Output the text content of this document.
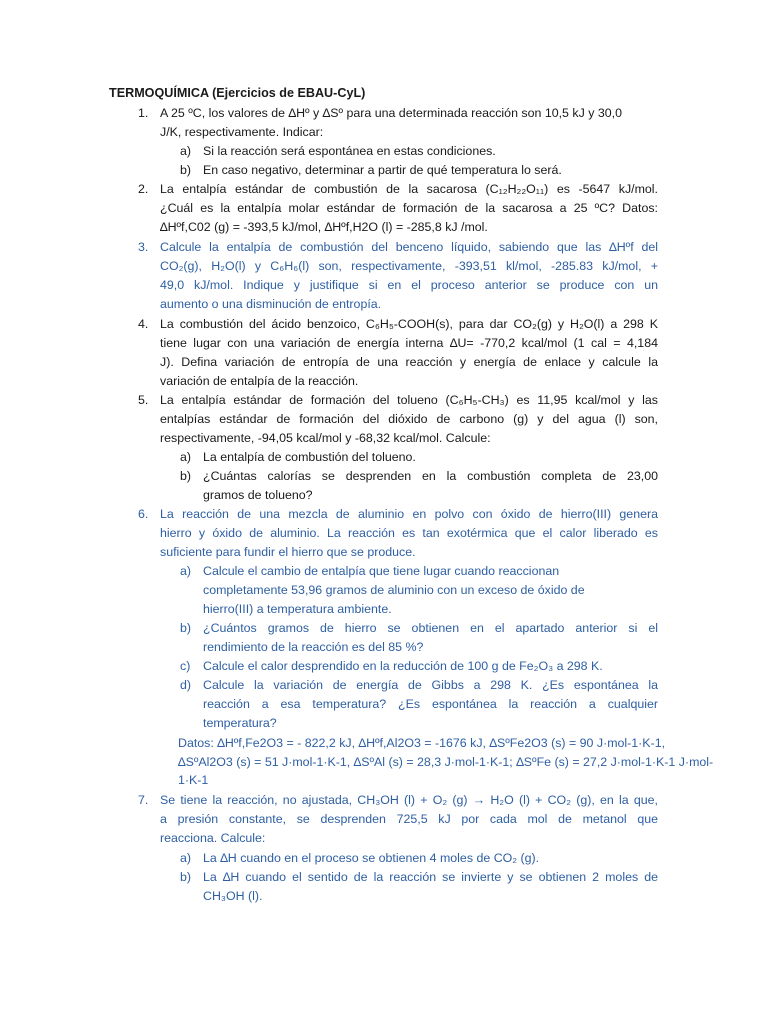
TERMOQUÍMICA (Ejercicios de EBAU-CyL)
1. A 25 ºC, los valores de ∆Hº y ∆Sº para una determinada reacción son 10,5 kJ y 30,0
J/K, respectivamente. Indicar:
a) Si la reacción será espontánea en estas condiciones.
b) En caso negativo, determinar a partir de qué temperatura lo será.
2. La entalpía estándar de combustión de la sacarosa (C₁₂H₂₂O₁₁) es -5647 kJ/mol.
¿Cuál es la entalpía molar estándar de formación de la sacarosa a 25 ºC? Datos:
∆Hºf,C02 (g) = -393,5 kJ/mol, ∆Hºf,H2O (l) = -285,8 kJ /mol.
3. Calcule la entalpía de combustión del benceno líquido, sabiendo que las ∆Hºf del
CO₂(g), H₂O(l) y C₆H₆(l) son, respectivamente, -393,51 kl/mol, -285.83 kJ/mol, +
49,0 kJ/mol. Indique y justifique si en el proceso anterior se produce con un
aumento o una disminución de entropía.
4. La combustión del ácido benzoico, C₆H₅-COOH(s), para dar CO₂(g) y H₂O(l) a 298 K
tiene lugar con una variación de energía interna ∆U= -770,2 kcal/mol (1 cal = 4,184
J). Defina variación de entropía de una reacción y energía de enlace y calcule la
variación de entalpía de la reacción.
5. La entalpía estándar de formación del tolueno (C₆H₅-CH₃) es 11,95 kcal/mol y las
entalpías estándar de formación del dióxido de carbono (g) y del agua (l) son,
respectivamente, -94,05 kcal/mol y -68,32 kcal/mol. Calcule:
a) La entalpía de combustión del tolueno.
b) ¿Cuántas calorías se desprenden en la combustión completa de 23,00
gramos de tolueno?
6. La reacción de una mezcla de aluminio en polvo con óxido de hierro(III) genera
hierro y óxido de aluminio. La reacción es tan exotérmica que el calor liberado es
suficiente para fundir el hierro que se produce.
a) Calcule el cambio de entalpía que tiene lugar cuando reaccionan
completamente 53,96 gramos de aluminio con un exceso de óxido de
hierro(III) a temperatura ambiente.
b) ¿Cuántos gramos de hierro se obtienen en el apartado anterior si el
rendimiento de la reacción es del 85 %?
c) Calcule el calor desprendido en la reducción de 100 g de Fe₂O₃ a 298 K.
d) Calcule la variación de energía de Gibbs a 298 K. ¿Es espontánea la
reacción a esa temperatura? ¿Es espontánea la reacción a cualquier
temperatura?
Datos: ∆Hºf,Fe2O3 = - 822,2 kJ, ∆Hºf,Al2O3 = -1676 kJ, ∆SºFe2O3 (s) = 90 J·mol-1·K-1,
∆SºAl2O3 (s) = 51 J·mol-1·K-1, ∆SºAl (s) = 28,3 J·mol-1·K-1; ∆SºFe (s) = 27,2 J·mol-1·K-1 J·mol-
1·K-1
7. Se tiene la reacción, no ajustada, CH₃OH (l) + O₂ (g) → H₂O (l) + CO₂ (g), en la que,
a presión constante, se desprenden 725,5 kJ por cada mol de metanol que
reacciona. Calcule:
a) La ∆H cuando en el proceso se obtienen 4 moles de CO₂ (g).
b) La ∆H cuando el sentido de la reacción se invierte y se obtienen 2 moles de
CH₃OH (l).
